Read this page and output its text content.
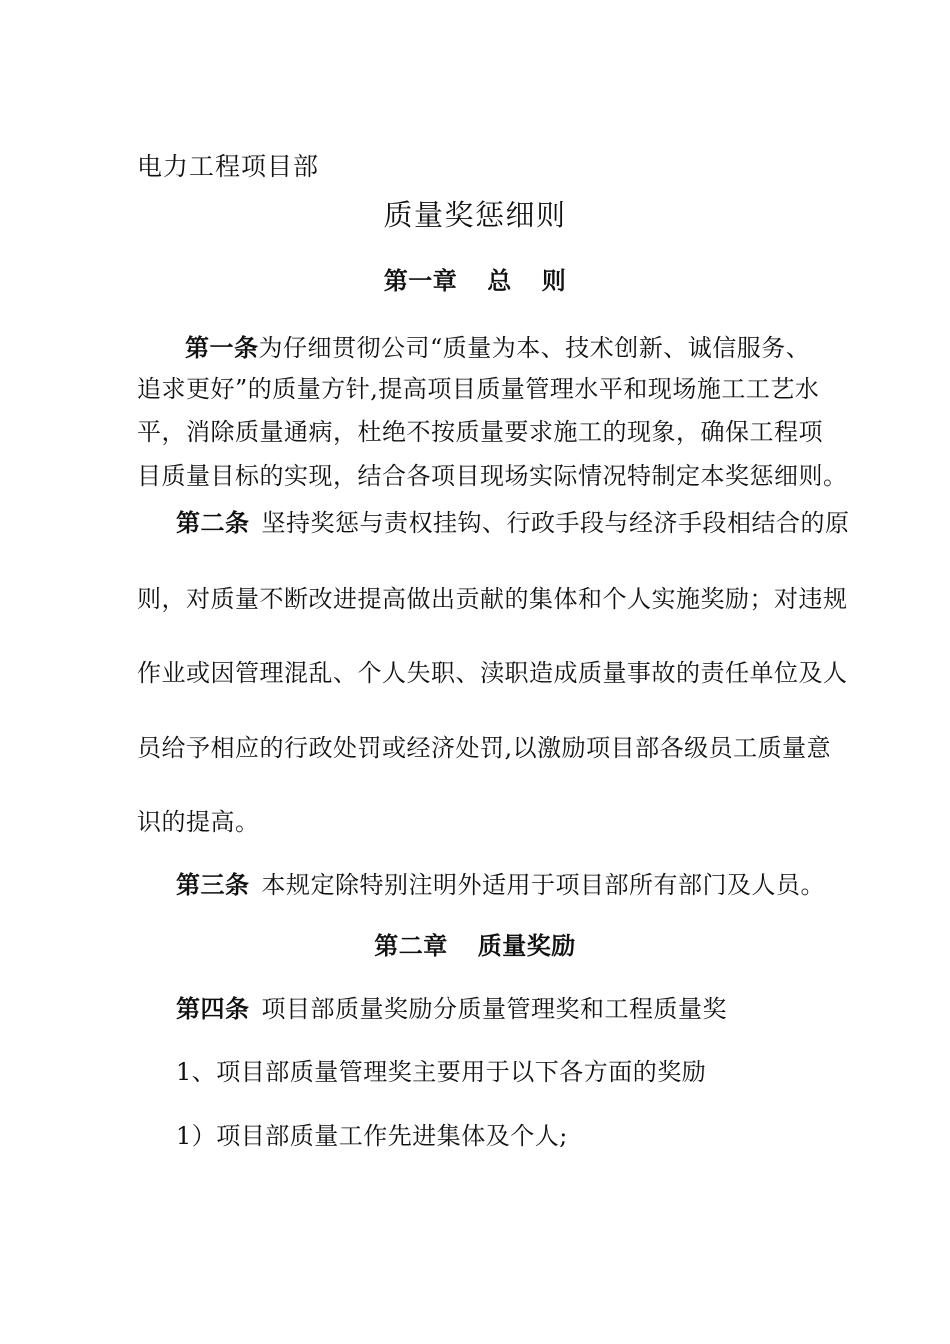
电力工程项目部
质量奖惩细则
第一章 总 则
第一条为仔细贯彻公司“质量为本、技术创新、诚信服务、
追求更好”的质量方针,提高项目质量管理水平和现场施工工艺水
平，消除质量通病，杜绝不按质量要求施工的现象，确保工程项
目质量目标的实现，结合各项目现场实际情况特制定本奖惩细则。
第二条 坚持奖惩与责权挂钩、行政手段与经济手段相结合的原
则，对质量不断改进提高做出贡献的集体和个人实施奖励；对违规
作业或因管理混乱、个人失职、渎职造成质量事故的责任单位及人
员给予相应的行政处罚或经济处罚,以激励项目部各级员工质量意
识的提高。
第三条 本规定除特别注明外适用于项目部所有部门及人员。
第二章 质量奖励
第四条 项目部质量奖励分质量管理奖和工程质量奖
1、项目部质量管理奖主要用于以下各方面的奖励
1）项目部质量工作先进集体及个人;
